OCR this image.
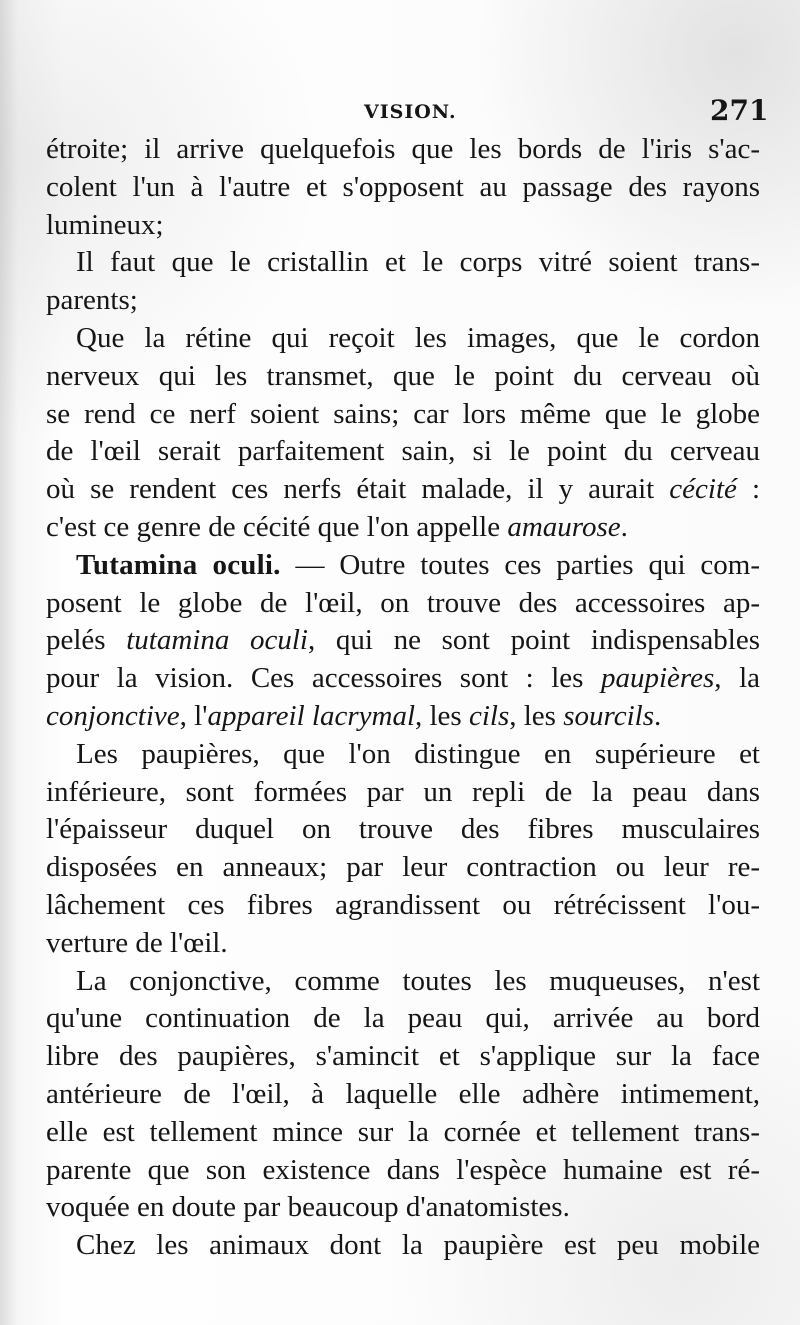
VISION.	271
étroite; il arrive quelquefois que les bords de l'iris s'ac-
colent l'un à l'autre et s'opposent au passage des rayons
lumineux;
Il faut que le cristallin et le corps vitré soient trans-
parents;
Que la rétine qui reçoit les images, que le cordon
nerveux qui les transmet, que le point du cerveau où
se rend ce nerf soient sains; car lors même que le globe
de l'œil serait parfaitement sain, si le point du cerveau
où se rendent ces nerfs était malade, il y aurait cécité :
c'est ce genre de cécité que l'on appelle amaurose.
Tutamina oculi. — Outre toutes ces parties qui com-
posent le globe de l'œil, on trouve des accessoires ap-
pelés tutamina oculi, qui ne sont point indispensables
pour la vision. Ces accessoires sont : les paupières, la
conjonctive, l'appareil lacrymal, les cils, les sourcils.
Les paupières, que l'on distingue en supérieure et
inférieure, sont formées par un repli de la peau dans
l'épaisseur duquel on trouve des fibres musculaires
disposées en anneaux; par leur contraction ou leur re-
lâchement ces fibres agrandissent ou rétrécissent l'ou-
verture de l'œil.
La conjonctive, comme toutes les muqueuses, n'est
qu'une continuation de la peau qui, arrivée au bord
libre des paupières, s'amincit et s'applique sur la face
antérieure de l'œil, à laquelle elle adhère intimement,
elle est tellement mince sur la cornée et tellement trans-
parente que son existence dans l'espèce humaine est ré-
voquée en doute par beaucoup d'anatomistes.
Chez les animaux dont la paupière est peu mobile
